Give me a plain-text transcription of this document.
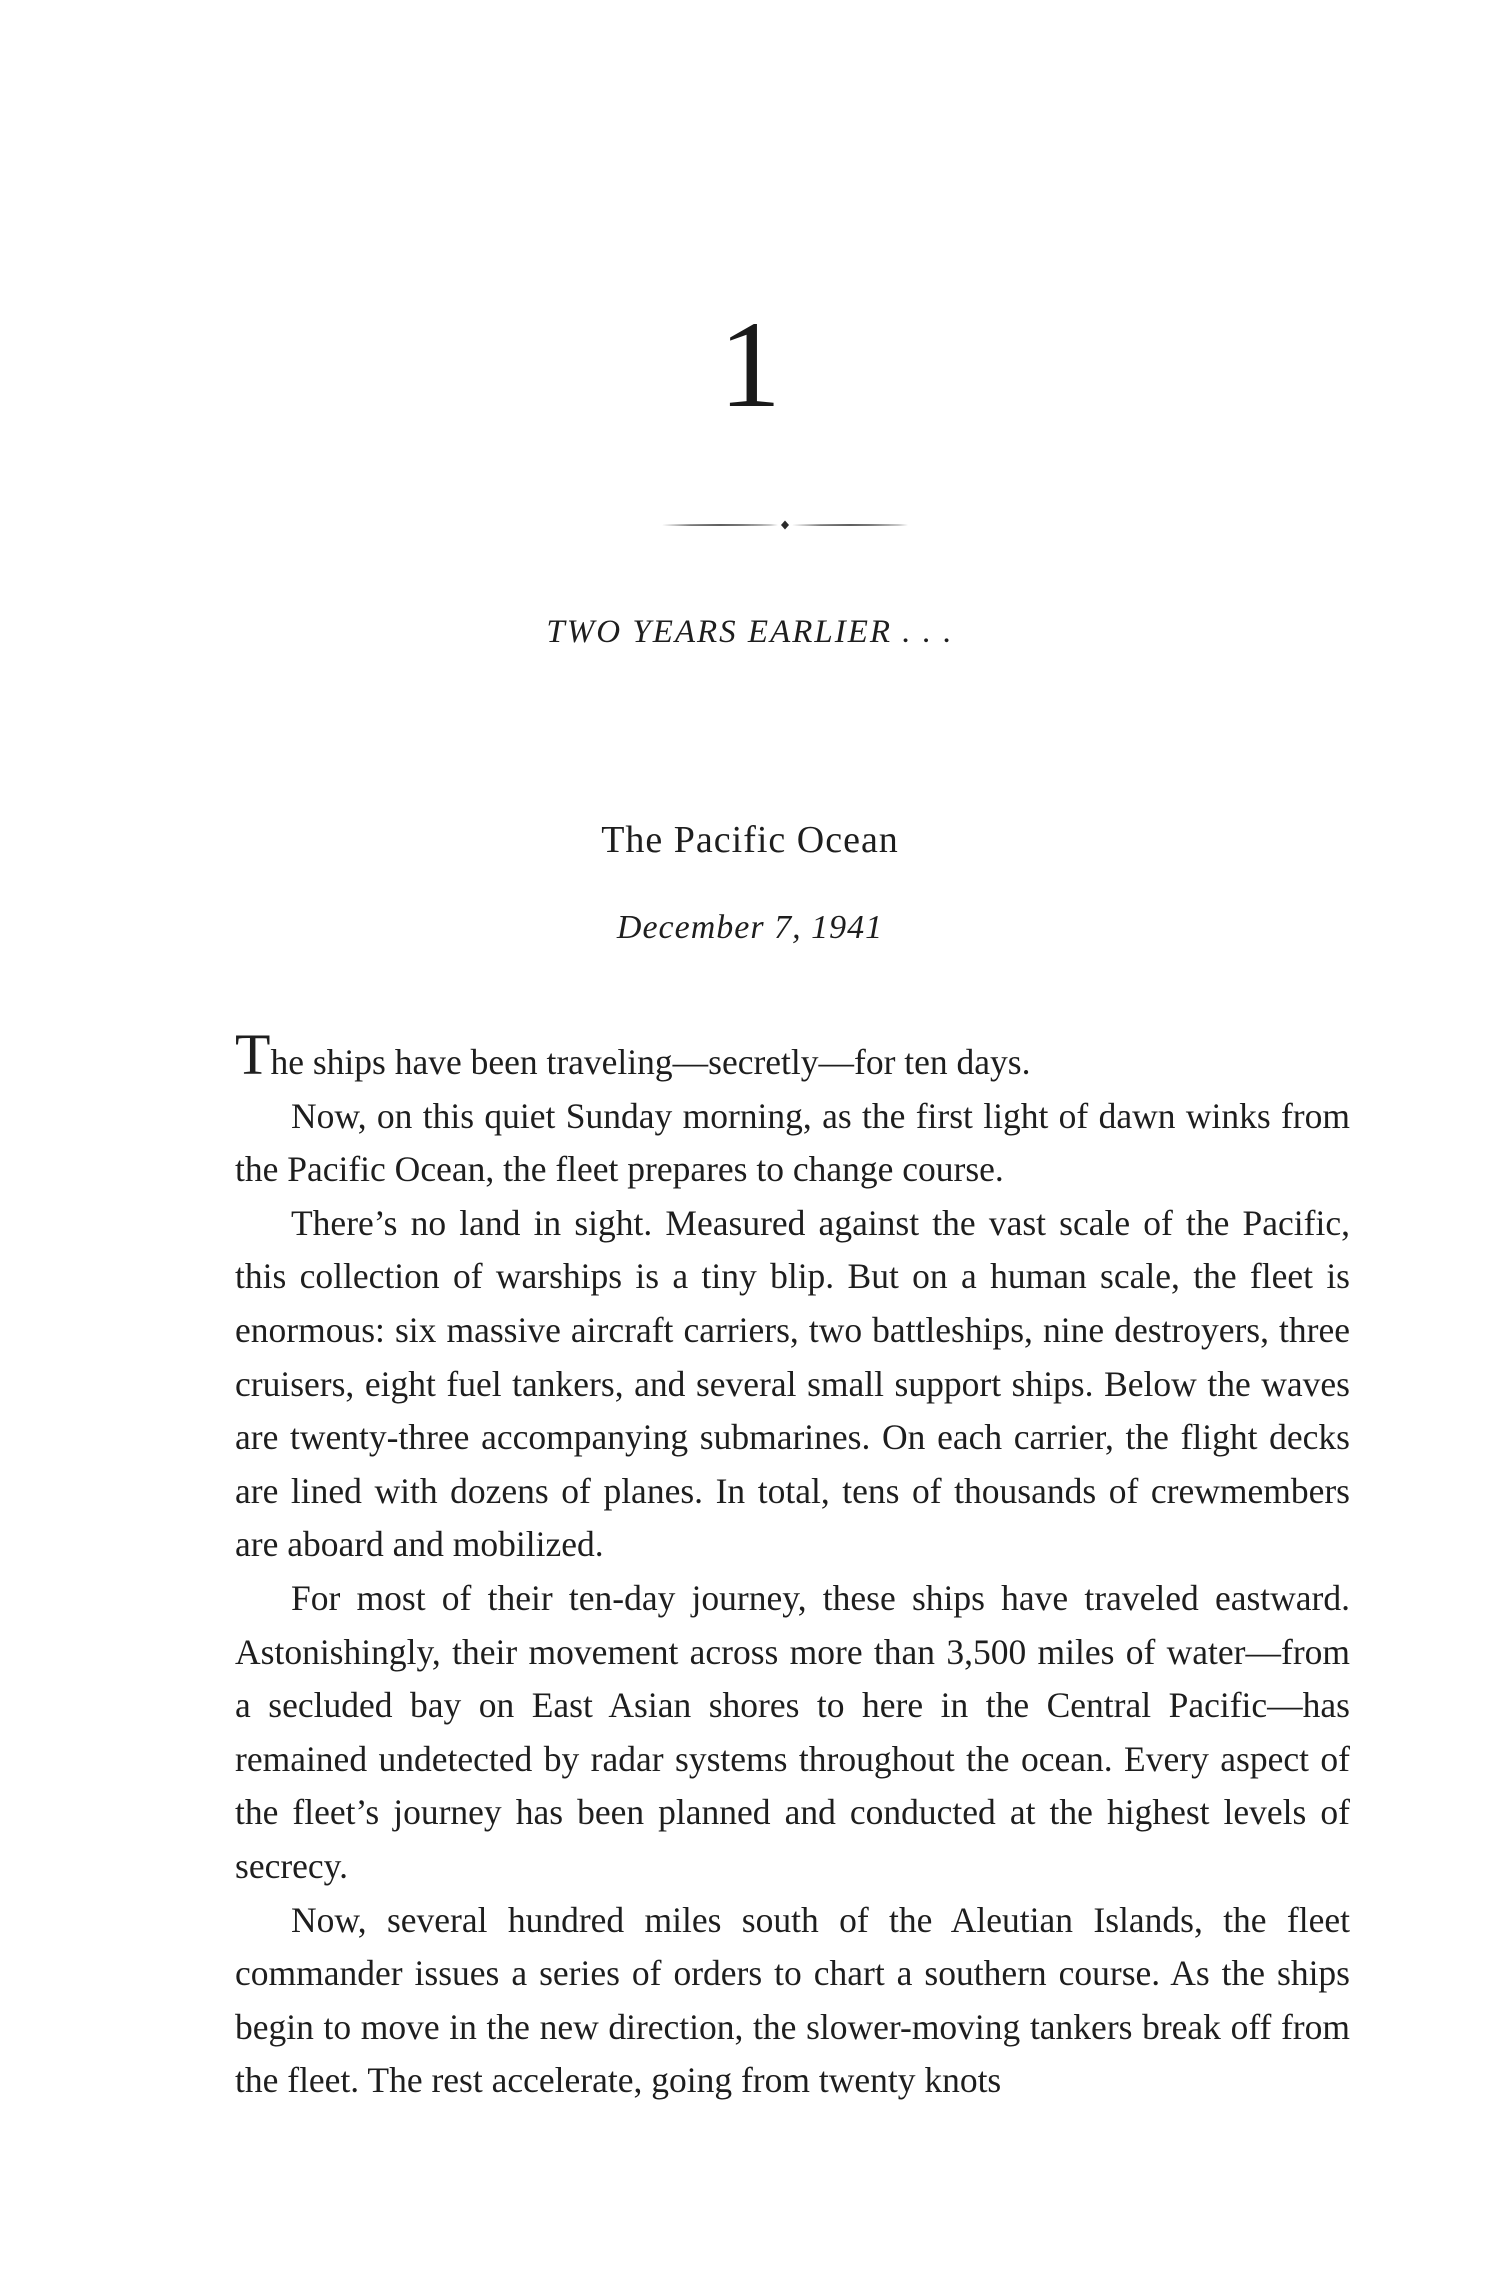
1
TWO YEARS EARLIER . . .
The Pacific Ocean
December 7, 1941

The ships have been traveling—secretly—for ten days.

Now, on this quiet Sunday morning, as the first light of dawn winks from the Pacific Ocean, the fleet prepares to change course.

There’s no land in sight. Measured against the vast scale of the Pacific, this collection of warships is a tiny blip. But on a human scale, the fleet is enormous: six massive aircraft carriers, two battleships, nine destroyers, three cruisers, eight fuel tankers, and several small support ships. Below the waves are twenty-three accompanying submarines. On each carrier, the flight decks are lined with dozens of planes. In total, tens of thousands of crewmembers are aboard and mobilized.

For most of their ten-day journey, these ships have traveled eastward. Astonishingly, their movement across more than 3,500 miles of water—from a secluded bay on East Asian shores to here in the Central Pacific—has remained undetected by radar systems throughout the ocean. Every aspect of the fleet’s journey has been planned and conducted at the highest levels of secrecy.

Now, several hundred miles south of the Aleutian Islands, the fleet commander issues a series of orders to chart a southern course. As the ships begin to move in the new direction, the slower-moving tankers break off from the fleet. The rest accelerate, going from twenty knots
